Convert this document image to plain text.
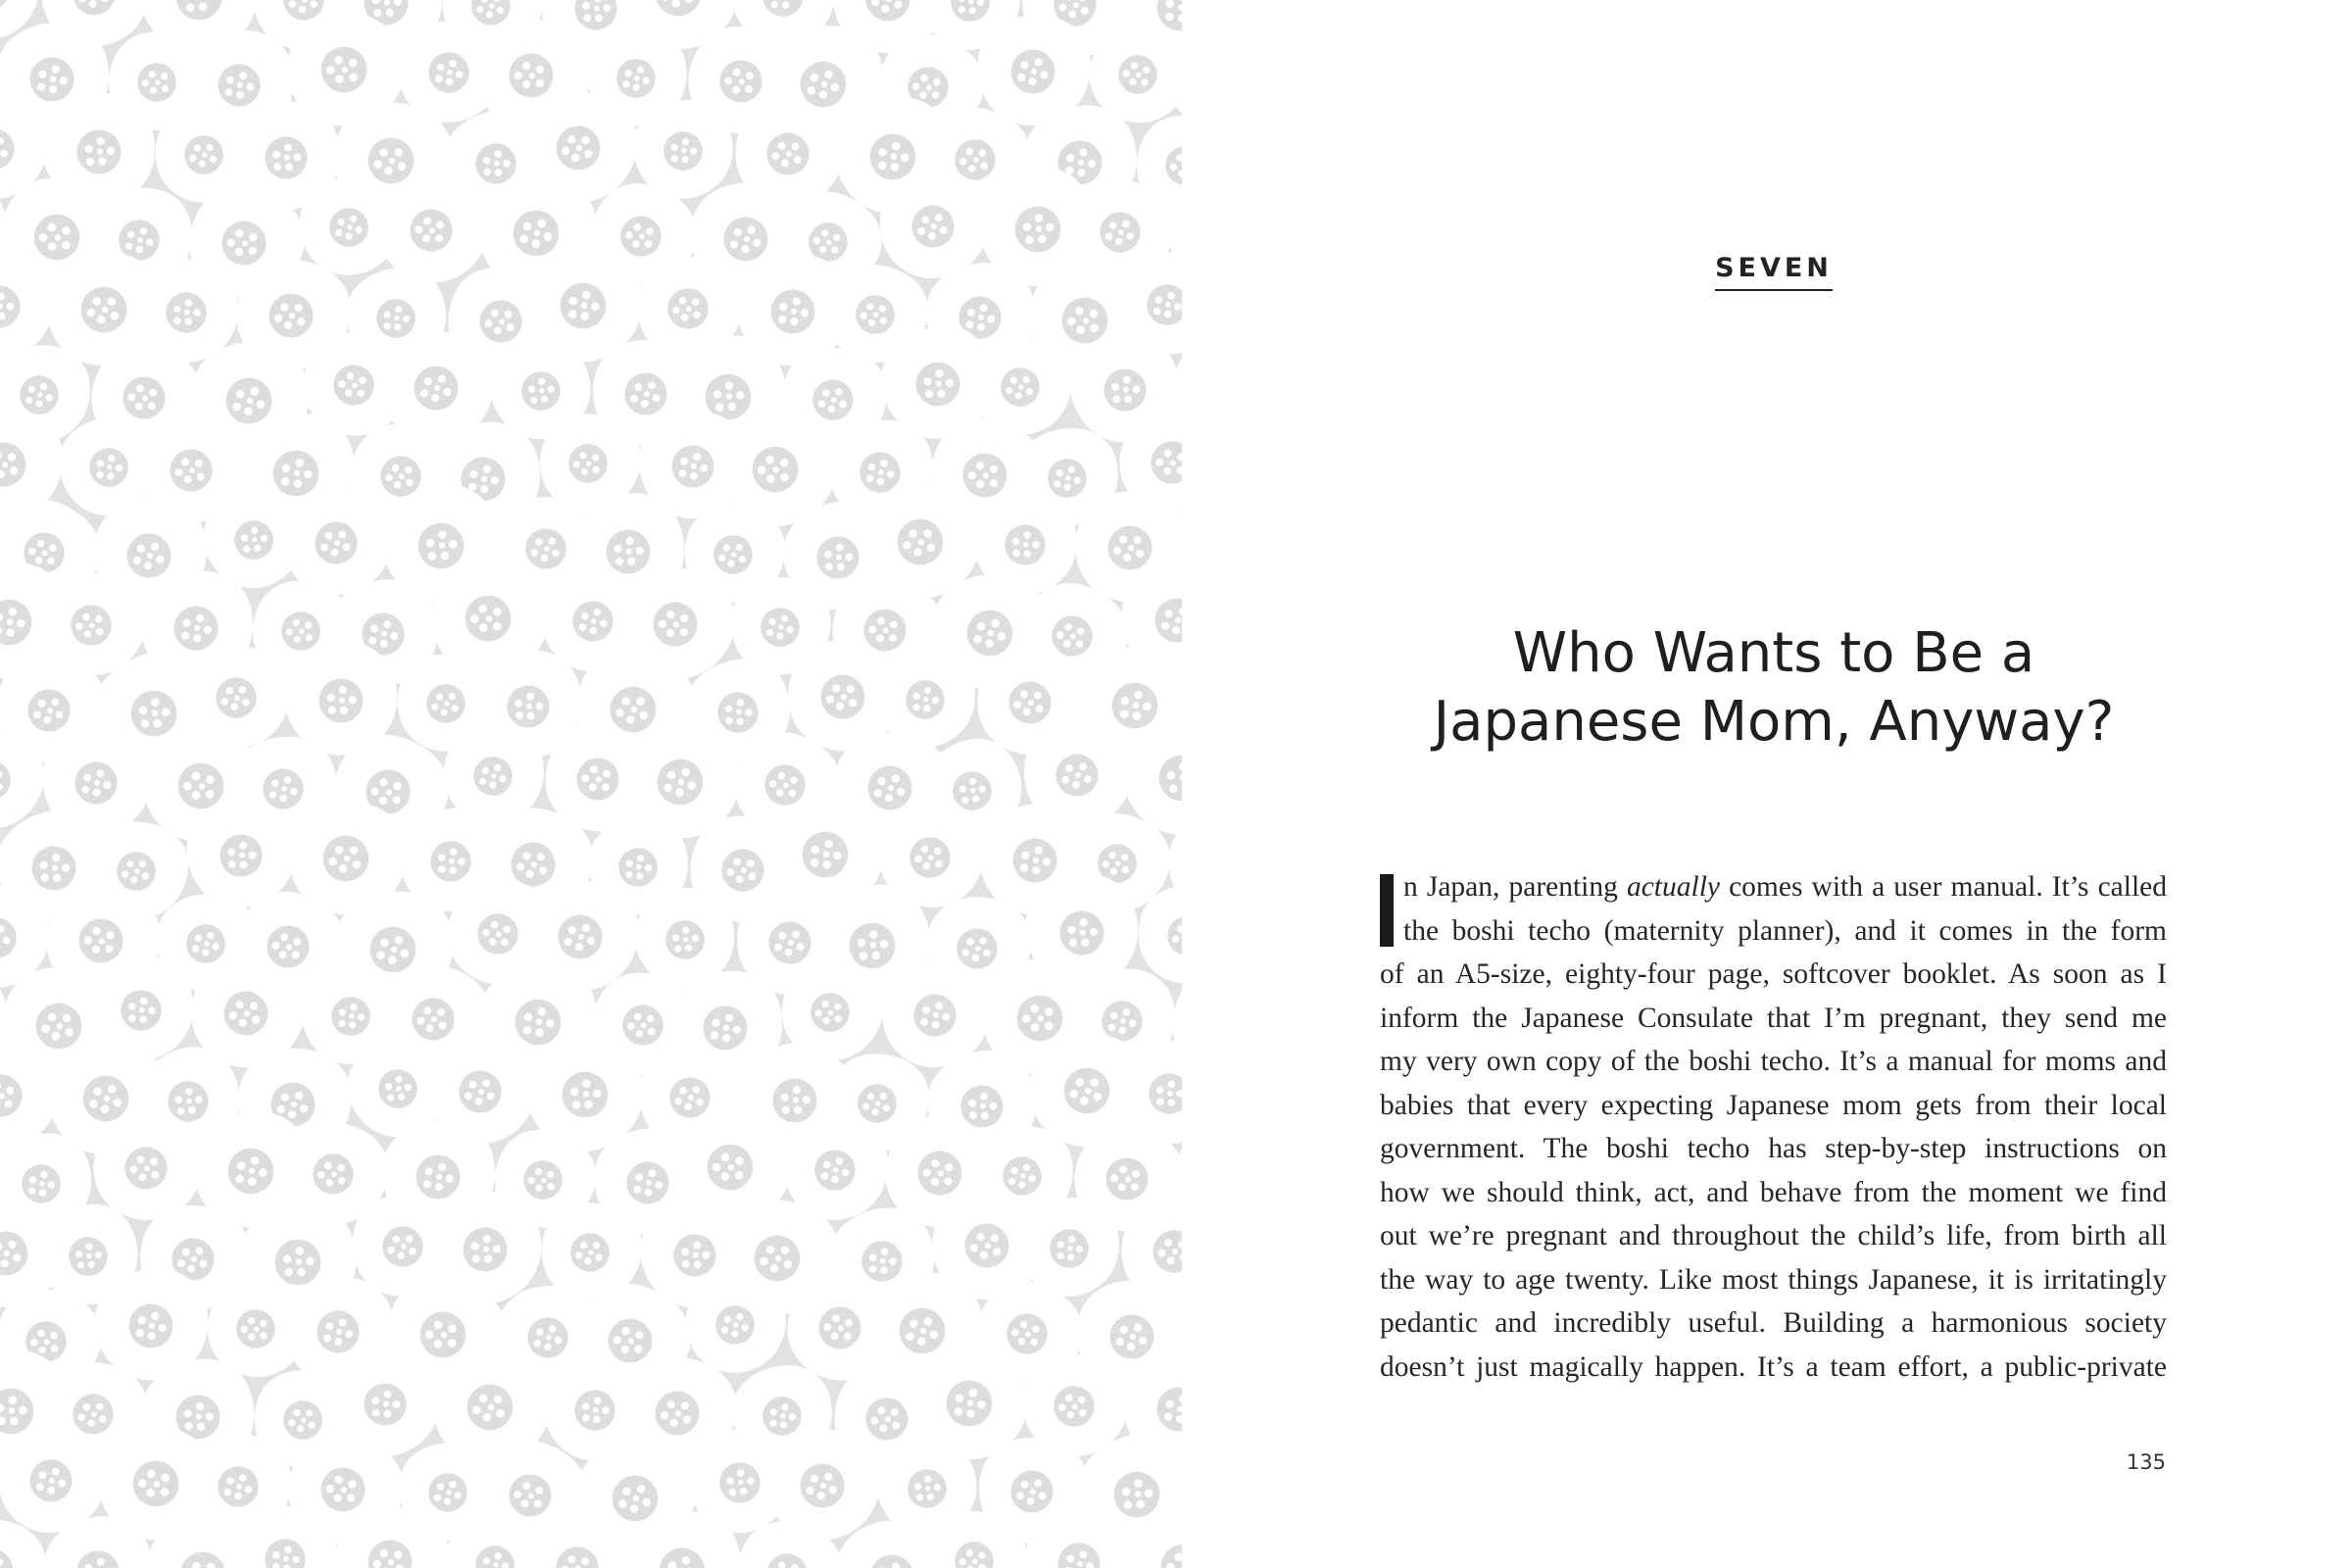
SEVEN
Who Wants to Be a
Japanese Mom, Anyway?
n Japan, parenting actually comes with a user manual. It’s called
the boshi techo (maternity planner), and it comes in the form
of an A5-size, eighty-four page, softcover booklet. As soon as I
inform the Japanese Consulate that I’m pregnant, they send me
my very own copy of the boshi techo. It’s a manual for moms and
babies that every expecting Japanese mom gets from their local
government. The boshi techo has step-by-step instructions on
how we should think, act, and behave from the moment we find
out we’re pregnant and throughout the child’s life, from birth all
the way to age twenty. Like most things Japanese, it is irritatingly
pedantic and incredibly useful. Building a harmonious society
doesn’t just magically happen. It’s a team effort, a public-private
135
